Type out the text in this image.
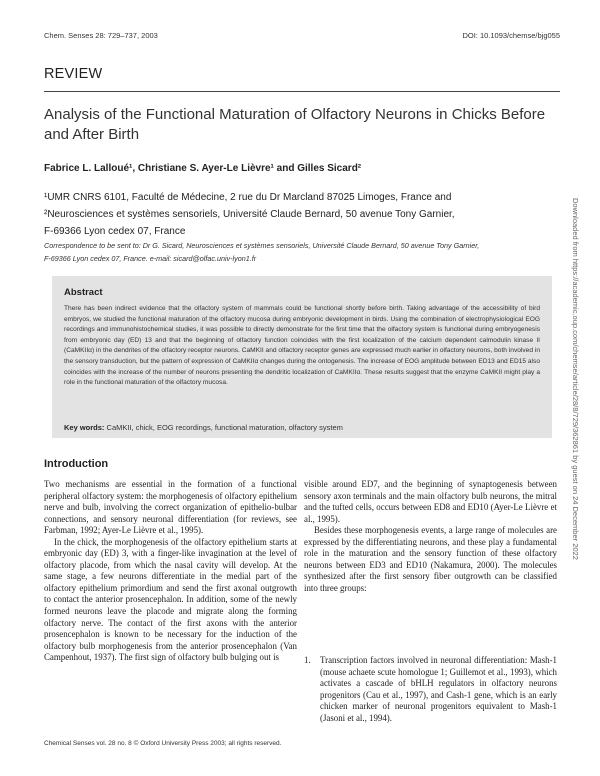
Chem. Senses 28: 729–737, 2003	DOI: 10.1093/chemse/bjg055
REVIEW
Analysis of the Functional Maturation of Olfactory Neurons in Chicks Before and After Birth
Fabrice L. Lalloué¹, Christiane S. Ayer-Le Lièvre¹ and Gilles Sicard²
¹UMR CNRS 6101, Faculté de Médecine, 2 rue du Dr Marcland 87025 Limoges, France and
²Neurosciences et systèmes sensoriels, Université Claude Bernard, 50 avenue Tony Garnier,
F-69366 Lyon cedex 07, France
Correspondence to be sent to: Dr G. Sicard, Neurosciences et systèmes sensoriels, Université Claude Bernard, 50 avenue Tony Garnier,
F-69366 Lyon cedex 07, France. e-mail: sicard@olfac.univ-lyon1.fr
Abstract
There has been indirect evidence that the olfactory system of mammals could be functional shortly before birth. Taking advantage of the accessibility of bird embryos, we studied the functional maturation of the olfactory mucosa during embryonic development in birds. Using the combination of electrophysiological EOG recordings and immunohistochemical studies, it was possible to directly demonstrate for the first time that the olfactory system is functional during embryogenesis from embryonic day (ED) 13 and that the beginning of olfactory function coincides with the first localization of the calcium dependent calmodulin kinase II (CaMKIIα) in the dendrites of the olfactory receptor neurons. CaMKII and olfactory receptor genes are expressed much earlier in olfactory neurons, both involved in the sensory transduction, but the pattern of expression of CaMKIIα changes during the ontogenesis. The increase of EOG amplitude between ED13 and ED15 also coincides with the increase of the number of neurons presenting the dendritic localization of CaMKIIα. These results suggest that the enzyme CaMKII might play a role in the functional maturation of the olfactory mucosa.
Key words: CaMKII, chick, EOG recordings, functional maturation, olfactory system
Introduction

Two mechanisms are essential in the formation of a functional peripheral olfactory system: the morphogenesis of olfactory epithelium nerve and bulb, involving the correct organization of epithelio-bulbar connections, and sensory neuronal differentiation (for reviews, see Farbman, 1992; Ayer-Le Lièvre et al., 1995).

In the chick, the morphogenesis of the olfactory epithelium starts at embryonic day (ED) 3, with a finger-like invagination at the level of olfactory placode, from which the nasal cavity will develop. At the same stage, a few neurons differentiate in the medial part of the olfactory epithelium primordium and send the first axonal outgrowth to contact the anterior prosencephalon. In addition, some of the newly formed neurons leave the placode and migrate along the forming olfactory nerve. The contact of the first axons with the anterior prosencephalon is known to be necessary for the induction of the olfactory bulb morphogenesis from the anterior prosencephalon (Van Campenhout, 1937). The first sign of olfactory bulb bulging out is

visible around ED7, and the beginning of synaptogenesis between sensory axon terminals and the main olfactory bulb neurons, the mitral and the tufted cells, occurs between ED8 and ED10 (Ayer-Le Lièvre et al., 1995).

Besides these morphogenesis events, a large range of molecules are expressed by the differentiating neurons, and these play a fundamental role in the maturation and the sensory function of these olfactory neurons between ED3 and ED10 (Nakamura, 2000). The molecules synthesized after the first sensory fiber outgrowth can be classified into three groups:

1. Transcription factors involved in neuronal differentiation: Mash-1 (mouse achaete scute homologue 1; Guillemot et al., 1993), which activates a cascade of bHLH regulators in olfactory neurons progenitors (Cau et al., 1997), and Cash-1 gene, which is an early chicken marker of neuronal progenitors equivalent to Mash-1 (Jasoni et al., 1994).
Chemical Senses vol. 28 no. 8 © Oxford University Press 2003; all rights reserved.
Downloaded from https://academic.oup.com/chemse/article/28/8/729/362861 by guest on 24 December 2022
